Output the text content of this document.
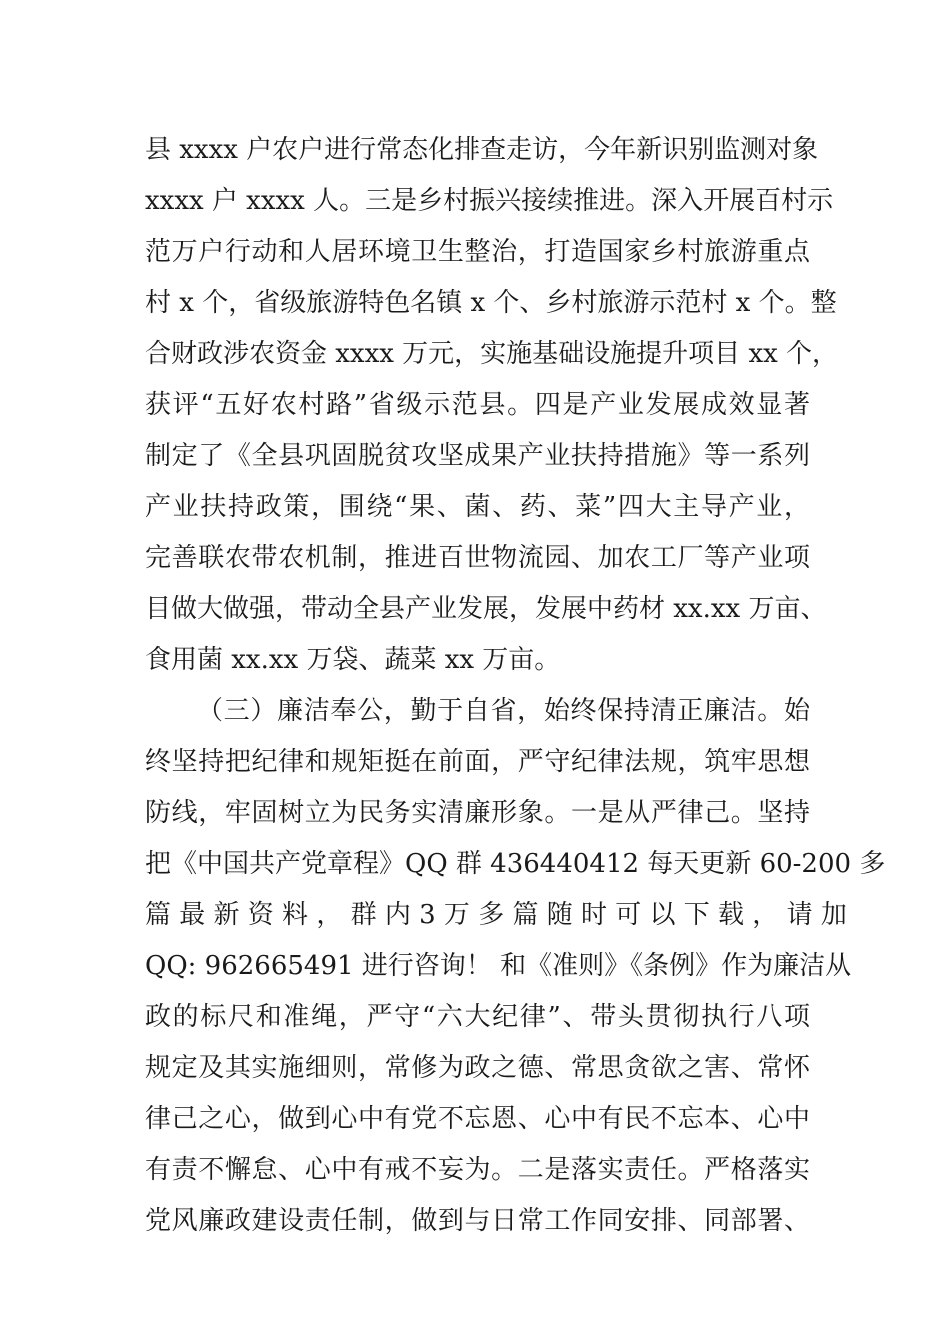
县 xxxx 户农户进行常态化排查走访，今年新识别监测对象
xxxx 户 xxxx 人。三是乡村振兴接续推进。深入开展百村示
范万户行动和人居环境卫生整治，打造国家乡村旅游重点
村 x 个，省级旅游特色名镇 x 个、乡村旅游示范村 x 个。整
合财政涉农资金 xxxx 万元，实施基础设施提升项目 xx 个，
获评“五好农村路”省级示范县。四是产业发展成效显著
制定了《全县巩固脱贫攻坚成果产业扶持措施》等一系列
产业扶持政策，围绕“果、菌、药、菜”四大主导产业，
完善联农带农机制，推进百世物流园、加农工厂等产业项
目做大做强，带动全县产业发展，发展中药材 xx.xx 万亩、
食用菌 xx.xx 万袋、蔬菜 xx 万亩。
（三）廉洁奉公，勤于自省，始终保持清正廉洁。始
终坚持把纪律和规矩挺在前面，严守纪律法规，筑牢思想
防线，牢固树立为民务实清廉形象。一是从严律己。坚持
把《中国共产党章程》QQ 群 436440412 每天更新 60-200 多
篇 最 新 资 料 ， 群 内 3 万 多 篇 随 时 可 以 下 载 ， 请 加
QQ: 962665491 进行咨询！ 和《准则》《条例》作为廉洁从
政的标尺和准绳，严守“六大纪律”、带头贯彻执行八项
规定及其实施细则，常修为政之德、常思贪欲之害、常怀
律己之心，做到心中有党不忘恩、心中有民不忘本、心中
有责不懈怠、心中有戒不妄为。二是落实责任。严格落实
党风廉政建设责任制，做到与日常工作同安排、同部署、
